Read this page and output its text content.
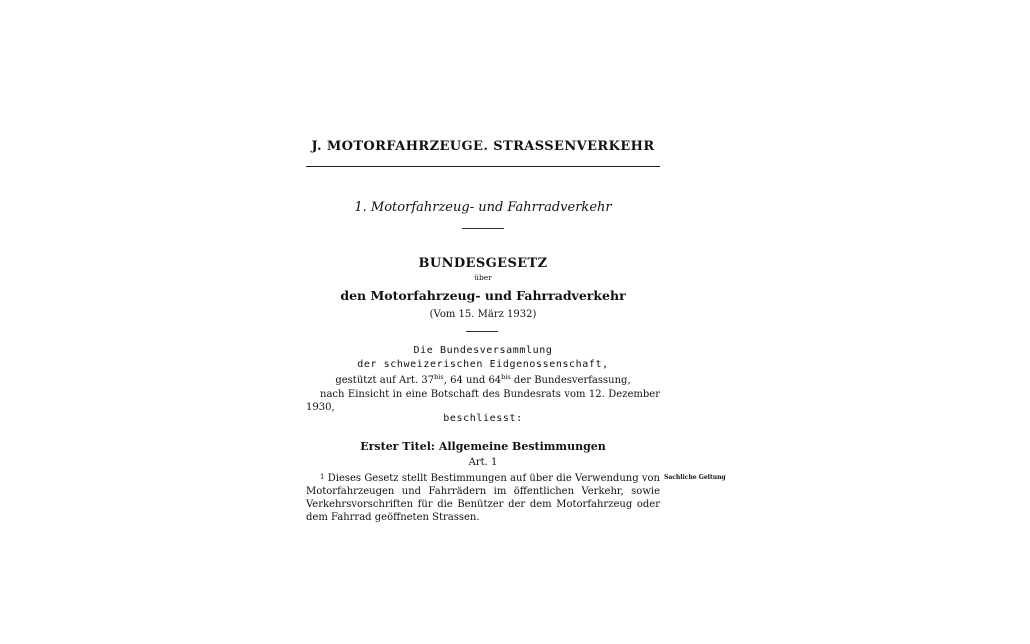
J. MOTORFAHRZEUGE. STRASSENVERKEHR
1. Motorfahrzeug- und Fahrradverkehr
BUNDESGESETZ
über
den Motorfahrzeug- und Fahrradverkehr
(Vom 15. März 1932)
Die Bundesversammlung
der schweizerischen Eidgenossenschaft,
gestützt auf Art. $37^{bis}$, 64 und $64^{bis}$ der Bundesverfassung,
nach Einsicht in eine Botschaft des Bundesrats vom 12. Dezember 1930,
beschliesst:
Erster Titel: Allgemeine Bestimmungen
Art. 1
$^1$ Dieses Gesetz stellt Bestimmungen auf über die Verwendung von Motorfahrzeugen und Fahrrädern im öffentlichen Verkehr, sowie Verkehrsvorschriften für die Benützer der dem Motorfahrzeug oder dem Fahrrad geöffneten Strassen.
Sachliche Geltung
